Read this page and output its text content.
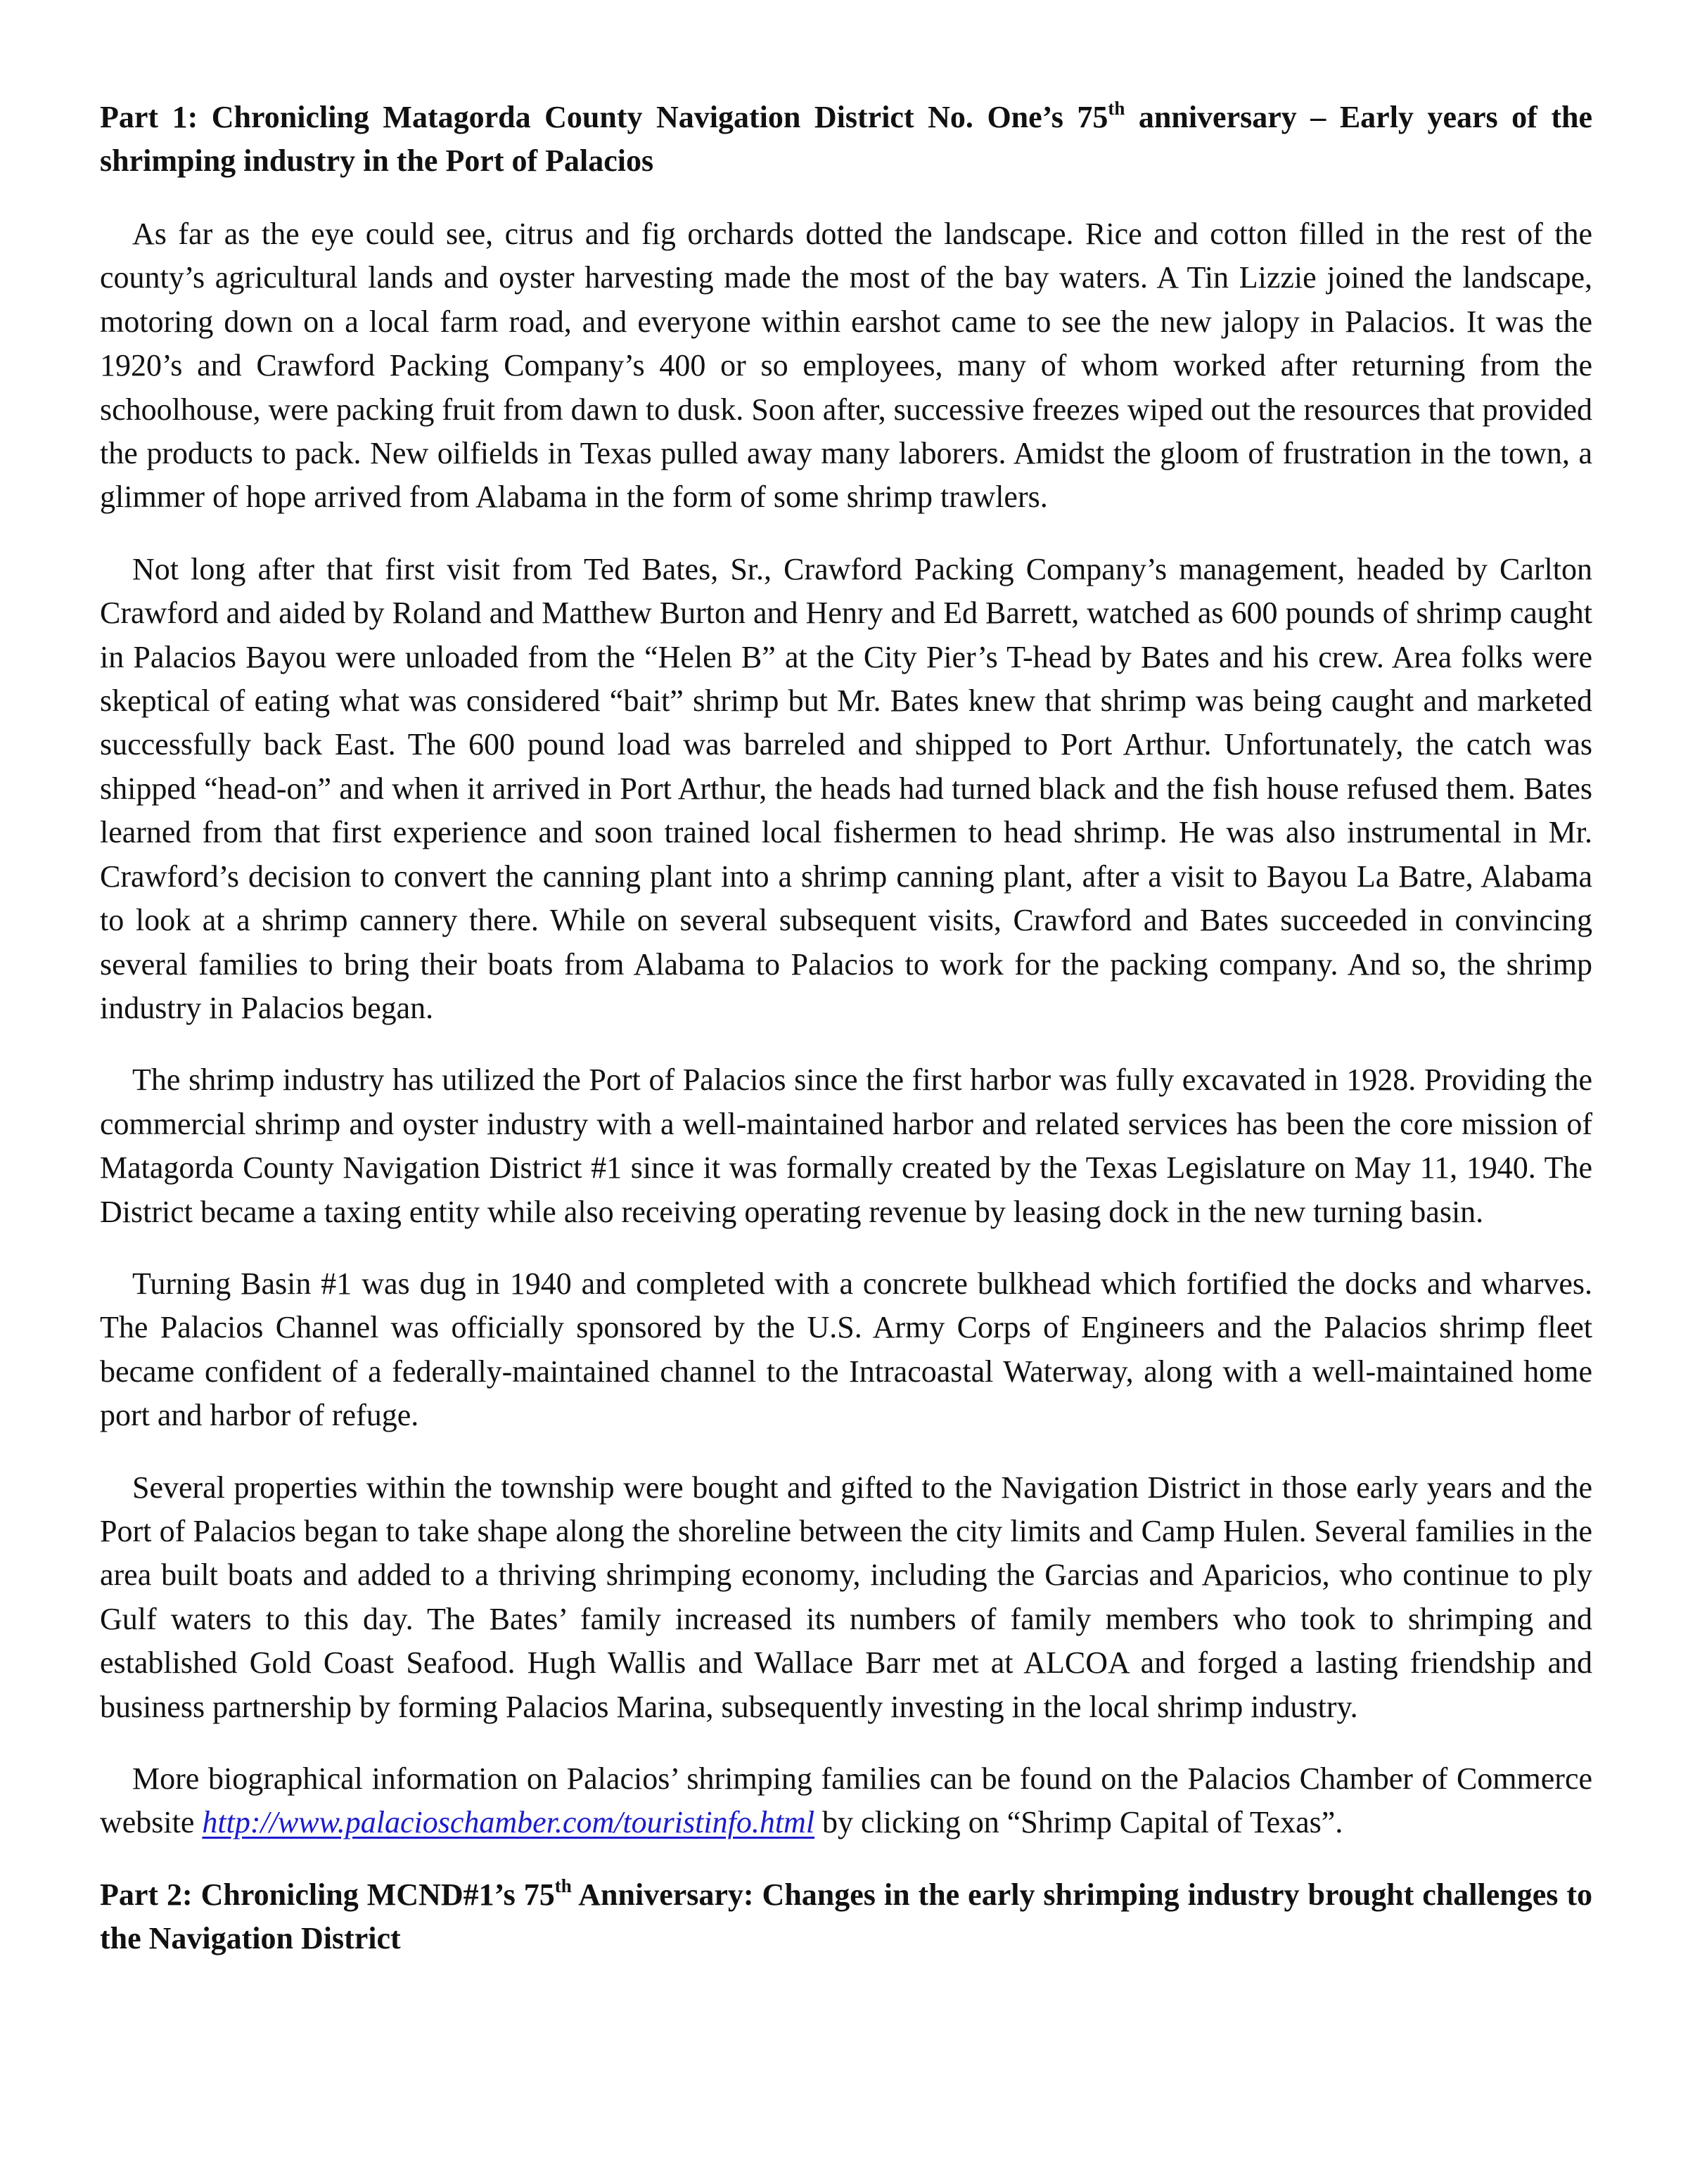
Part 1: Chronicling Matagorda County Navigation District No. One’s 75th anniversary – Early years of the shrimping industry in the Port of Palacios

As far as the eye could see, citrus and fig orchards dotted the landscape. Rice and cotton filled in the rest of the county’s agricultural lands and oyster harvesting made the most of the bay waters. A Tin Lizzie joined the landscape, motoring down on a local farm road, and everyone within earshot came to see the new jalopy in Palacios. It was the 1920’s and Crawford Packing Company’s 400 or so employees, many of whom worked after returning from the schoolhouse, were packing fruit from dawn to dusk. Soon after, successive freezes wiped out the resources that provided the products to pack. New oilfields in Texas pulled away many laborers. Amidst the gloom of frustration in the town, a glimmer of hope arrived from Alabama in the form of some shrimp trawlers.

Not long after that first visit from Ted Bates, Sr., Crawford Packing Company’s management, headed by Carlton Crawford and aided by Roland and Matthew Burton and Henry and Ed Barrett, watched as 600 pounds of shrimp caught in Palacios Bayou were unloaded from the “Helen B” at the City Pier’s T-head by Bates and his crew. Area folks were skeptical of eating what was considered “bait” shrimp but Mr. Bates knew that shrimp was being caught and marketed successfully back East. The 600 pound load was barreled and shipped to Port Arthur. Unfortunately, the catch was shipped “head-on” and when it arrived in Port Arthur, the heads had turned black and the fish house refused them. Bates learned from that first experience and soon trained local fishermen to head shrimp. He was also instrumental in Mr. Crawford’s decision to convert the canning plant into a shrimp canning plant, after a visit to Bayou La Batre, Alabama to look at a shrimp cannery there. While on several subsequent visits, Crawford and Bates succeeded in convincing several families to bring their boats from Alabama to Palacios to work for the packing company. And so, the shrimp industry in Palacios began.

The shrimp industry has utilized the Port of Palacios since the first harbor was fully excavated in 1928. Providing the commercial shrimp and oyster industry with a well-maintained harbor and related services has been the core mission of Matagorda County Navigation District #1 since it was formally created by the Texas Legislature on May 11, 1940. The District became a taxing entity while also receiving operating revenue by leasing dock in the new turning basin.

Turning Basin #1 was dug in 1940 and completed with a concrete bulkhead which fortified the docks and wharves. The Palacios Channel was officially sponsored by the U.S. Army Corps of Engineers and the Palacios shrimp fleet became confident of a federally-maintained channel to the Intracoastal Waterway, along with a well-maintained home port and harbor of refuge.

Several properties within the township were bought and gifted to the Navigation District in those early years and the Port of Palacios began to take shape along the shoreline between the city limits and Camp Hulen. Several families in the area built boats and added to a thriving shrimping economy, including the Garcias and Aparicios, who continue to ply Gulf waters to this day. The Bates’ family increased its numbers of family members who took to shrimping and established Gold Coast Seafood. Hugh Wallis and Wallace Barr met at ALCOA and forged a lasting friendship and business partnership by forming Palacios Marina, subsequently investing in the local shrimp industry.

More biographical information on Palacios’ shrimping families can be found on the Palacios Chamber of Commerce website http://www.palacioschamber.com/touristinfo.html by clicking on “Shrimp Capital of Texas”.

Part 2: Chronicling MCND#1’s 75th Anniversary: Changes in the early shrimping industry brought challenges to the Navigation District
